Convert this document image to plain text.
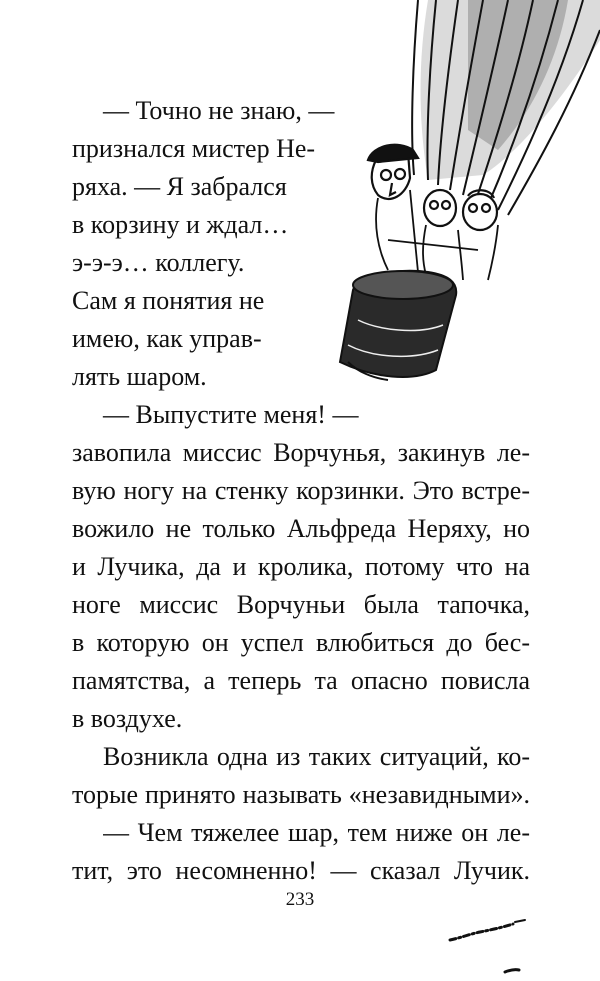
— Точно не знаю, —

признался мистер Не-

ряха. — Я забрался

в корзину и ждал…

э-э-э… коллегу.

Сам я понятия не

имею, как управ-

лять шаром.

— Выпустите меня! —

завопила миссис Ворчунья, закинув ле-

вую ногу на стенку корзинки. Это встре-

вожило не только Альфреда Неряху, но

и Лучика, да и кролика, потому что на

ноге миссис Ворчуньи была тапочка,

в которую он успел влюбиться до бес-

памятства, а теперь та опасно повисла

в воздухе.

Возникла одна из таких ситуаций, ко-

торые принято называть «незавидными».

— Чем тяжелее шар, тем ниже он ле-

тит, это несомненно! — сказал Лучик.

233
